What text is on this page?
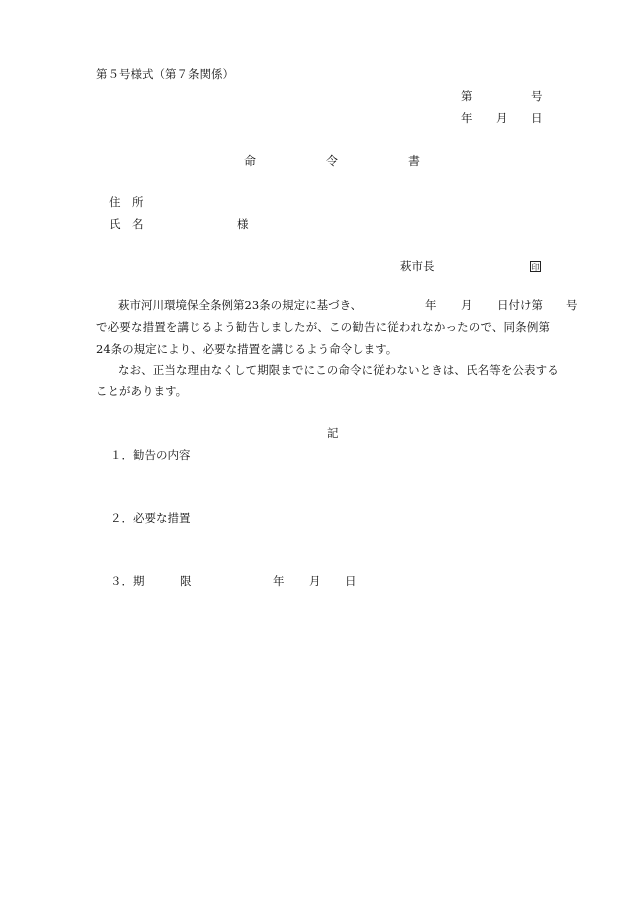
第５号様式（第７条関係）
第	号
年 月 日
命	令	書
住　所
氏　名	様
萩市長	印
萩市河川環境保全条例第23条の規定に基づき、	年 月 日付け第 号
で必要な措置を講じるよう勧告しましたが、この勧告に従われなかったので、同条例第
24条の規定により、必要な措置を講じるよう命令します。
なお、正当な理由なくして期限までにこの命令に従わないときは、氏名等を公表する
ことがあります。
記
１．勧告の内容
２．必要な措置
３．期	限	年 月 日
